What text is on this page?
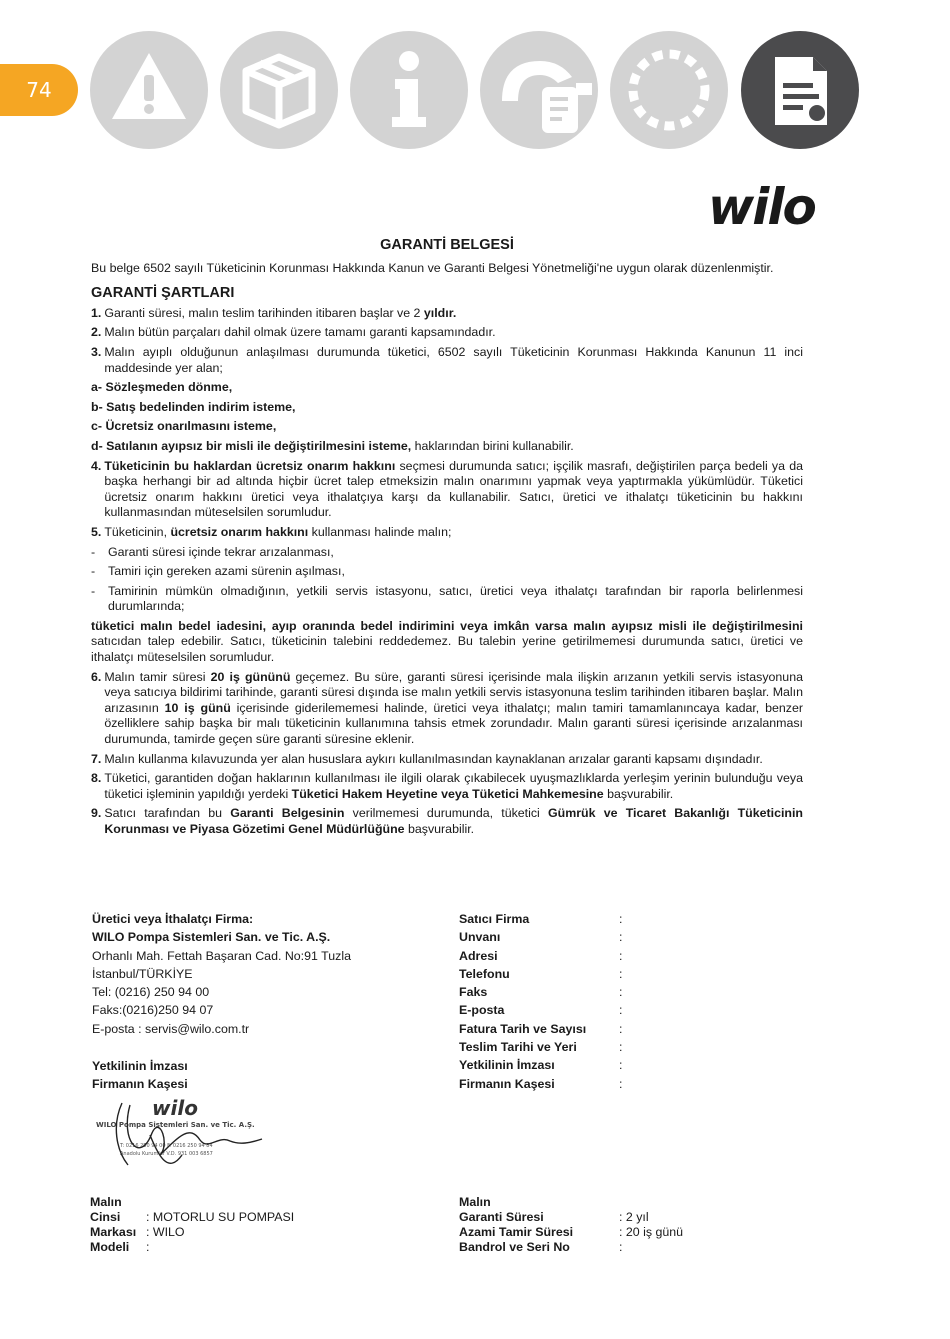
74
wilo
GARANTİ BELGESİ
Bu belge 6502 sayılı Tüketicinin Korunması Hakkında Kanun ve Garanti Belgesi Yönetmeliği'ne uygun olarak düzenlenmiştir.
GARANTİ ŞARTLARI
1. Garanti süresi, malın teslim tarihinden itibaren başlar ve 2 yıldır.
2. Malın bütün parçaları dahil olmak üzere tamamı garanti kapsamındadır.
3. Malın ayıplı olduğunun anlaşılması durumunda tüketici, 6502 sayılı Tüketicinin Korunması Hakkında Kanunun 11 inci maddesinde yer alan;
a- Sözleşmeden dönme,
b- Satış bedelinden indirim isteme,
c- Ücretsiz onarılmasını isteme,
d- Satılanın ayıpsız bir misli ile değiştirilmesini isteme, haklarından birini kullanabilir.
4. Tüketicinin bu haklardan ücretsiz onarım hakkını seçmesi durumunda satıcı; işçilik masrafı, değiştirilen parça bedeli ya da başka herhangi bir ad altında hiçbir ücret talep etmeksizin malın onarımını yapmak veya yaptırmakla yükümlüdür. Tüketici ücretsiz onarım hakkını üretici veya ithalatçıya karşı da kullanabilir. Satıcı, üretici ve ithalatçı tüketicinin bu hakkını kullanmasından müteselsilen sorumludur.
5. Tüketicinin, ücretsiz onarım hakkını kullanması halinde malın;
-	Garanti süresi içinde tekrar arızalanması,
-	Tamiri için gereken azami sürenin aşılması,
-	Tamirinin mümkün olmadığının, yetkili servis istasyonu, satıcı, üretici veya ithalatçı tarafından bir raporla belirlenmesi durumlarında;
tüketici malın bedel iadesini, ayıp oranında bedel indirimini veya imkân varsa malın ayıpsız misli ile değiştirilmesini satıcıdan talep edebilir. Satıcı, tüketicinin talebini reddedemez. Bu talebin yerine getirilmemesi durumunda satıcı, üretici ve ithalatçı müteselsilen sorumludur.
6. Malın tamir süresi 20 iş gününü geçemez. Bu süre, garanti süresi içerisinde mala ilişkin arızanın yetkili servis istasyonuna veya satıcıya bildirimi tarihinde, garanti süresi dışında ise malın yetkili servis istasyonuna teslim tarihinden itibaren başlar. Malın arızasının 10 iş günü içerisinde giderilememesi halinde, üretici veya ithalatçı; malın tamiri tamamlanıncaya kadar, benzer özelliklere sahip başka bir malı tüketicinin kullanımına tahsis etmek zorundadır. Malın garanti süresi içerisinde arızalanması durumunda, tamirde geçen süre garanti süresine eklenir.
7. Malın kullanma kılavuzunda yer alan hususlara aykırı kullanılmasından kaynaklanan arızalar garanti kapsamı dışındadır.
8. Tüketici, garantiden doğan haklarının kullanılması ile ilgili olarak çıkabilecek uyuşmazlıklarda yerleşim yerinin bulunduğu veya tüketici işleminin yapıldığı yerdeki Tüketici Hakem Heyetine veya Tüketici Mahkemesine başvurabilir.
9. Satıcı tarafından bu Garanti Belgesinin verilmemesi durumunda, tüketici Gümrük ve Ticaret Bakanlığı Tüketicinin Korunması ve Piyasa Gözetimi Genel Müdürlüğüne başvurabilir.
Üretici veya İthalatçı Firma:
WILO Pompa Sistemleri San. ve Tic. A.Ş.
Orhanlı Mah. Fettah Başaran Cad. No:91 Tuzla
İstanbul/TÜRKİYE
Tel: (0216) 250 94 00
Faks:(0216)250 94 07
E-posta : servis@wilo.com.tr
Yetkilinin İmzası
Firmanın Kaşesi
wilo
WILO Pompa Sistemleri San. ve Tic. A.Ş.
T: 0216 250 94 00 F: 0216 250 94 84
Anadolu Kurumlar V.D. 931 003 6857
Satıcı Firma	:
Unvanı	:
Adresi	:
Telefonu	:
Faks	:
E-posta	:
Fatura Tarih ve Sayısı	:
Teslim Tarihi ve Yeri	:
Yetkilinin İmzası	:
Firmanın Kaşesi	:
Malın
Cinsi	: MOTORLU SU POMPASI
Markası : WILO
Modeli	:
Malın
Garanti Süresi	: 2 yıl
Azami Tamir Süresi	: 20 iş günü
Bandrol ve Seri No	:
